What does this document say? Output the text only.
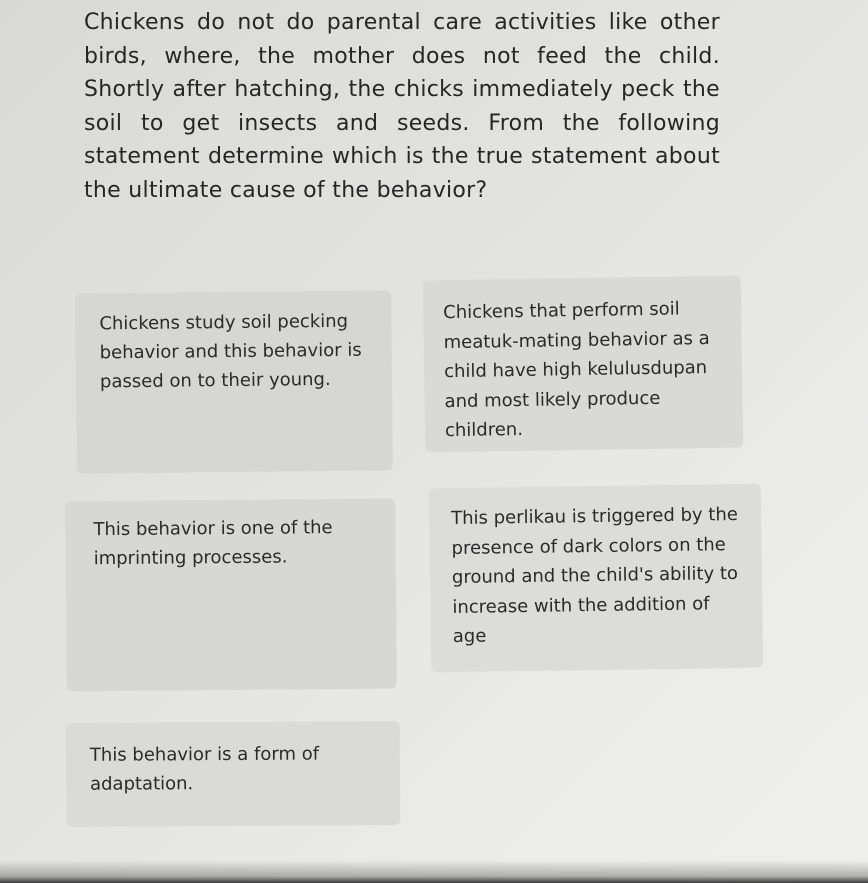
Chickens do not do parental care activities like other birds, where, the mother does not feed the child. Shortly after hatching, the chicks immediately peck the soil to get insects and seeds. From the following statement determine which is the true statement about the ultimate cause of the behavior?
Chickens study soil pecking behavior and this behavior is passed on to their young.
Chickens that perform soil meatuk-mating behavior as a child have high kelulusdupan and most likely produce children.
This behavior is one of the imprinting processes.
This perlikau is triggered by the presence of dark colors on the ground and the child's ability to increase with the addition of age
This behavior is a form of adaptation.
